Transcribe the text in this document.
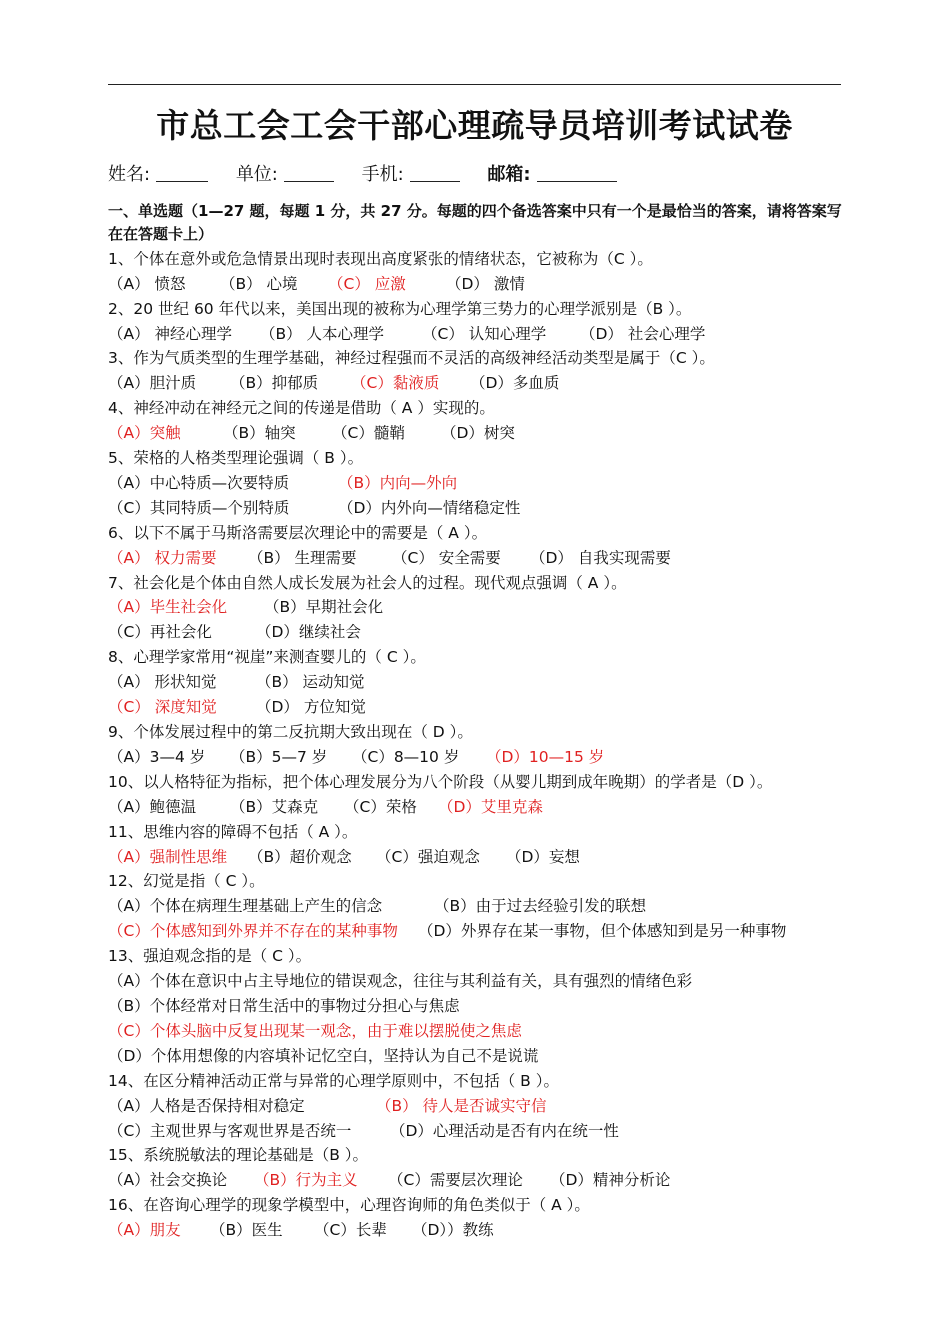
市总工会工会干部心理疏导员培训考试试卷
姓名:	单位:	手机:	邮箱:
一、单选题（1—27 题，每题 1 分，共 27 分。每题的四个备选答案中只有一个是最恰当的答案，请将答案写在在答题卡上）
1、个体在意外或危急情景出现时表现出高度紧张的情绪状态，它被称为（C ）。
（A） 愤怒 （B） 心境 （C） 应激	（D） 激情
2、20 世纪 60 年代以来，美国出现的被称为心理学第三势力的心理学派别是（B ）。
（A） 神经心理学 （B） 人本心理学 （C） 认知心理学 （D） 社会心理学
3、作为气质类型的生理学基础，神经过程强而不灵活的高级神经活动类型是属于（C ）。
（A）胆汁质 （B）抑郁质 （C）黏液质 （D）多血质
4、神经冲动在神经元之间的传递是借助（ A ）实现的。
（A）突触	（B）轴突 （C）髓鞘 （D）树突
5、荣格的人格类型理论强调（ B ）。
（A）中心特质—次要特质	（B）内向—外向
（C）其同特质—个别特质	（D）内外向—情绪稳定性
6、以下不属于马斯洛需要层次理论中的需要是（ A ）。
（A） 权力需要 （B） 生理需要 （C） 安全需要 （D） 自我实现需要
7、社会化是个体由自然人成长发展为社会人的过程。现代观点强调（ A ）。
（A）毕生社会化 （B）早期社会化
（C）再社会化	（D）继续社会
8、心理学家常用“视崖”来测查婴儿的（ C ）。
（A） 形状知觉	（B） 运动知觉
（C） 深度知觉	（D） 方位知觉
9、个体发展过程中的第二反抗期大致出现在（ D ）。
（A）3—4 岁 （B）5—7 岁 （C）8—10 岁 （D）10—15 岁
10、以人格特征为指标，把个体心理发展分为八个阶段（从婴儿期到成年晚期）的学者是（D ）。
（A）鲍德温 （B）艾森克 （C）荣格 （D）艾里克森
11、思维内容的障碍不包括（ A ）。
（A）强制性思维 （B）超价观念 （C）强迫观念 （D）妄想
12、幻觉是指（ C ）。
（A）个体在病理生理基础上产生的信念	（B）由于过去经验引发的联想
（C）个体感知到外界并不存在的某种事物 （D）外界存在某一事物，但个体感知到是另一种事物
13、强迫观念指的是（ C ）。
（A）个体在意识中占主导地位的错误观念，往往与其利益有关，具有强烈的情绪色彩
（B）个体经常对日常生活中的事物过分担心与焦虑
（C）个体头脑中反复出现某一观念，由于难以摆脱使之焦虑
（D）个体用想像的内容填补记忆空白，坚持认为自己不是说谎
14、在区分精神活动正常与异常的心理学原则中，不包括（ B ）。
（A）人格是否保持相对稳定	（B） 待人是否诚实守信
（C）主观世界与客观世界是否统一 （D）心理活动是否有内在统一性
15、系统脱敏法的理论基础是（B ）。
（A）社会交换论 （B）行为主义 （C）需要层次理论 （D）精神分析论
16、在咨询心理学的现象学模型中，心理咨询师的角色类似于（ A ）。
（A）朋友 （B）医生 （C）长辈 （D））教练
